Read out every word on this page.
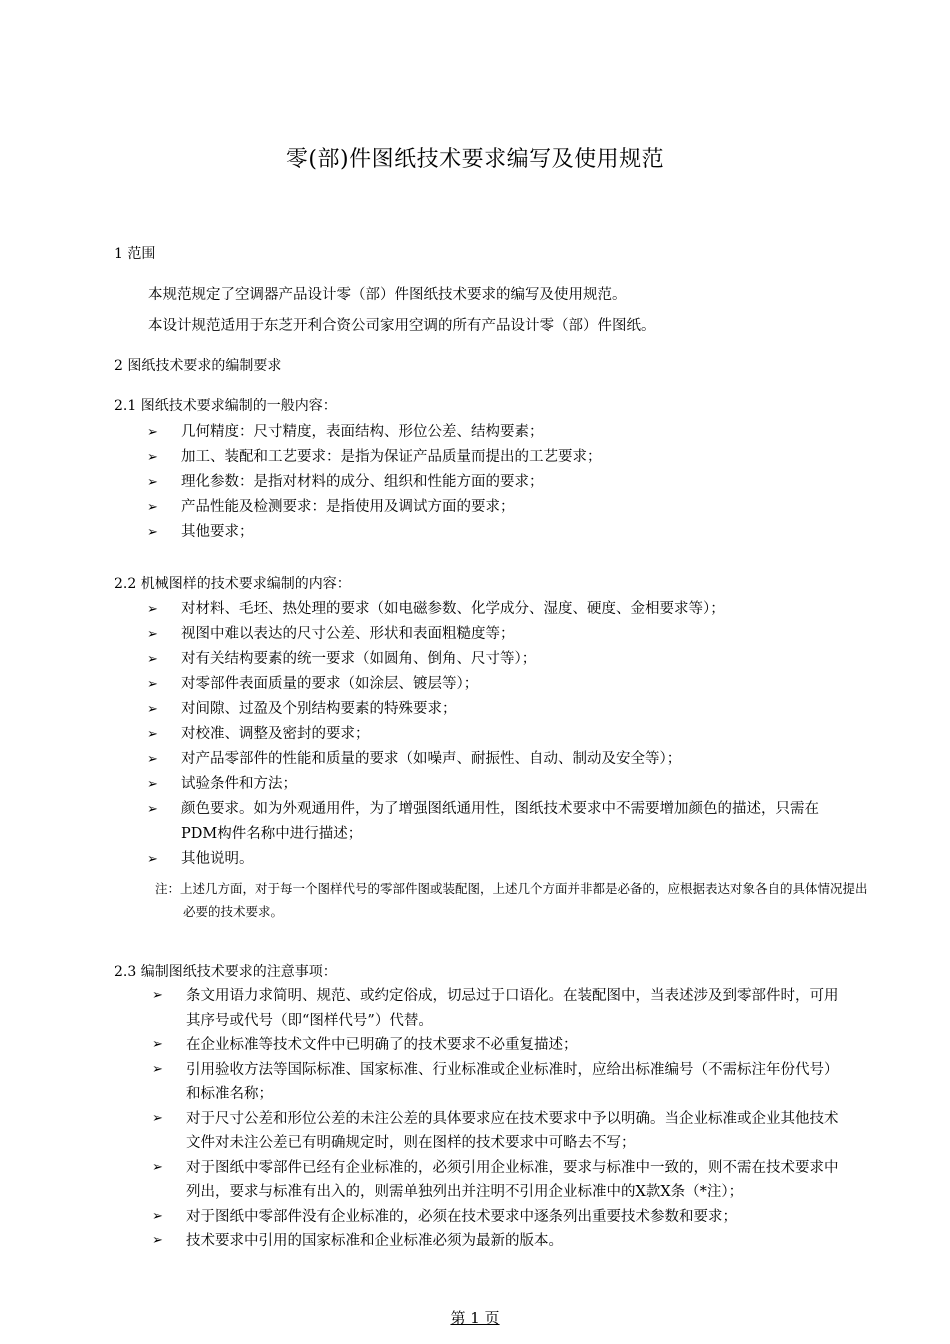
零(部)件图纸技术要求编写及使用规范
1 范围
本规范规定了空调器产品设计零（部）件图纸技术要求的编写及使用规范。
本设计规范适用于东芝开利合资公司家用空调的所有产品设计零（部）件图纸。
2 图纸技术要求的编制要求
2.1 图纸技术要求编制的一般内容：
➢ 几何精度：尺寸精度，表面结构、形位公差、结构要素；
➢ 加工、装配和工艺要求：是指为保证产品质量而提出的工艺要求；
➢ 理化参数：是指对材料的成分、组织和性能方面的要求；
➢ 产品性能及检测要求：是指使用及调试方面的要求；
➢ 其他要求；
2.2 机械图样的技术要求编制的内容：
➢ 对材料、毛坯、热处理的要求（如电磁参数、化学成分、湿度、硬度、金相要求等）；
➢ 视图中难以表达的尺寸公差、形状和表面粗糙度等；
➢ 对有关结构要素的统一要求（如圆角、倒角、尺寸等）；
➢ 对零部件表面质量的要求（如涂层、镀层等）；
➢ 对间隙、过盈及个别结构要素的特殊要求；
➢ 对校准、调整及密封的要求；
➢ 对产品零部件的性能和质量的要求（如噪声、耐振性、自动、制动及安全等）；
➢ 试验条件和方法；
➢ 颜色要求。如为外观通用件，为了增强图纸通用性，图纸技术要求中不需要增加颜色的描述，只需在PDM构件名称中进行描述；
➢ 其他说明。
注：上述几方面，对于每一个图样代号的零部件图或装配图，上述几个方面并非都是必备的，应根据表达对象各自的具体情况提出必要的技术要求。
2.3 编制图纸技术要求的注意事项：
➢ 条文用语力求简明、规范、或约定俗成，切忌过于口语化。在装配图中，当表述涉及到零部件时，可用其序号或代号（即“图样代号”）代替。
➢ 在企业标准等技术文件中已明确了的技术要求不必重复描述；
➢ 引用验收方法等国际标准、国家标准、行业标准或企业标准时，应给出标准编号（不需标注年份代号）和标准名称；
➢ 对于尺寸公差和形位公差的未注公差的具体要求应在技术要求中予以明确。当企业标准或企业其他技术文件对未注公差已有明确规定时，则在图样的技术要求中可略去不写；
➢ 对于图纸中零部件已经有企业标准的，必须引用企业标准，要求与标准中一致的，则不需在技术要求中列出，要求与标准有出入的，则需单独列出并注明不引用企业标准中的X款X条（*注）；
➢ 对于图纸中零部件没有企业标准的，必须在技术要求中逐条列出重要技术参数和要求；
➢ 技术要求中引用的国家标准和企业标准必须为最新的版本。
第 1 页
